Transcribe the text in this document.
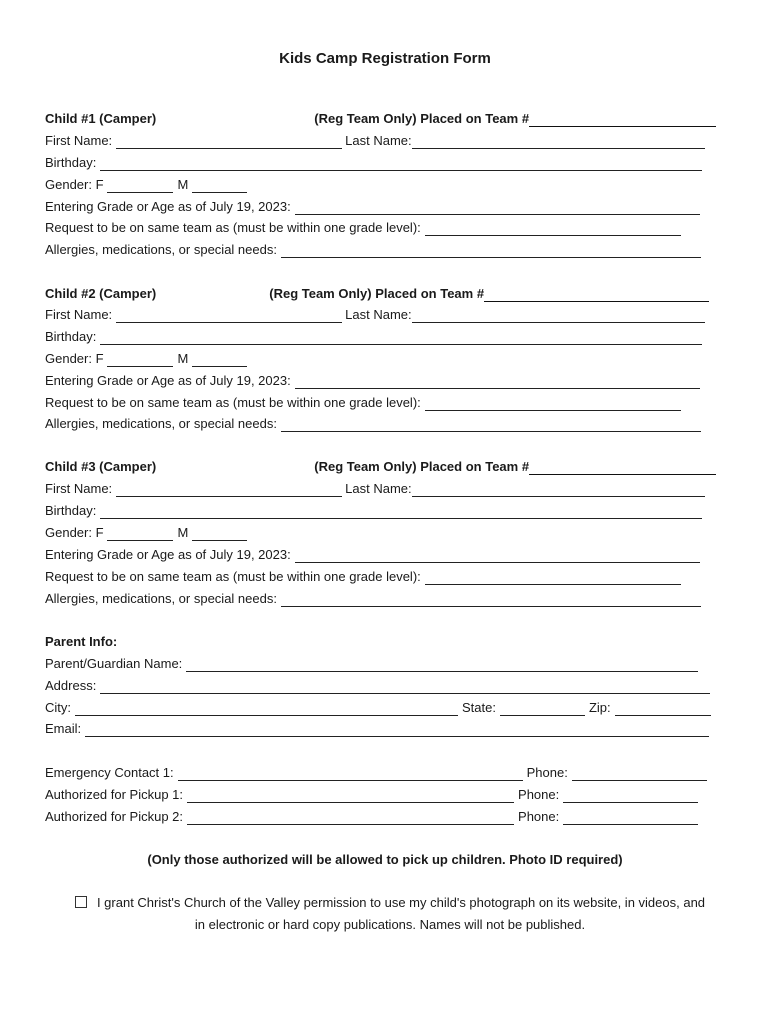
Kids Camp Registration Form
Child #1 (Camper)	(Reg Team Only) Placed on Team #
First Name:	Last Name:
Birthday:
Gender: F	M
Entering Grade or Age as of July 19, 2023:
Request to be on same team as (must be within one grade level):
Allergies, medications, or special needs:
Child #2 (Camper)	(Reg Team Only) Placed on Team #
First Name:	Last Name:
Birthday:
Gender: F	M
Entering Grade or Age as of July 19, 2023:
Request to be on same team as (must be within one grade level):
Allergies, medications, or special needs:
Child #3 (Camper)	(Reg Team Only) Placed on Team #
First Name:	Last Name:
Birthday:
Gender: F	M
Entering Grade or Age as of July 19, 2023:
Request to be on same team as (must be within one grade level):
Allergies, medications, or special needs:
Parent Info:
Parent/Guardian Name:
Address:
City:	State:	Zip:
Email:
Emergency Contact 1:	Phone:
Authorized for Pickup 1:	Phone:
Authorized for Pickup 2:	Phone:
(Only those authorized will be allowed to pick up children. Photo ID required)
I grant Christ's Church of the Valley permission to use my child's photograph on its website, in videos, and
in electronic or hard copy publications. Names will not be published.
